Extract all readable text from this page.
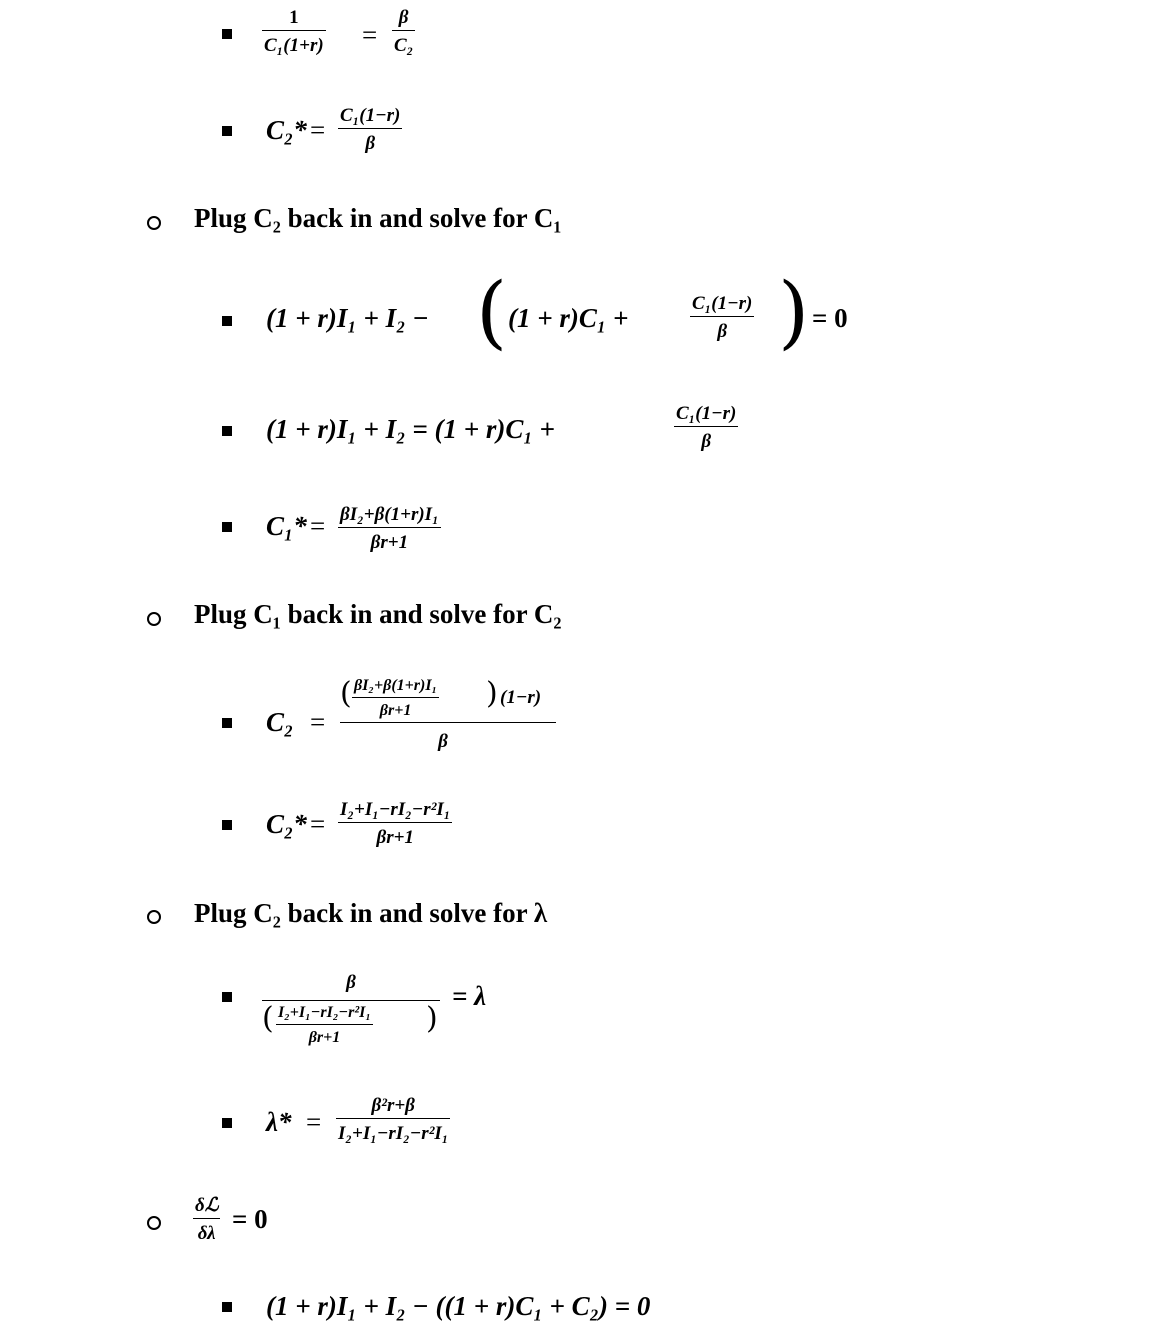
1
C₁(1+r) =
β
C₂
C₂* = C₁(1−r)
β
Plug C₂ back in and solve for C₁
(1 + r)I₁ + I₂ − ( (1 + r)C₁ +	C₁(1−r)
β ) = 0
(1 + r)I₁ + I₂ = (1 + r)C₁ +
C₁(1−r)
β
C₁* = βI₂+β(1+r)I₁
βr+1
Plug C₁ back in and solve for C₂
C₂ =
( βI₂+β(1+r)I₁
βr+1 ) (1−r)
β
C₂* = I₂+I₁−rI₂−r²I₁
βr+1
Plug C₂ back in and solve for λ
β
( I₂+I₁−rI₂−r²I₁
βr+1
)
= λ
λ* =
β²r+β
I₂+I₁−rI₂−r²I₁
δℒ
δλ = 0
(1 + r)I₁ + I₂ − ((1 + r)C₁ + C₂) = 0
